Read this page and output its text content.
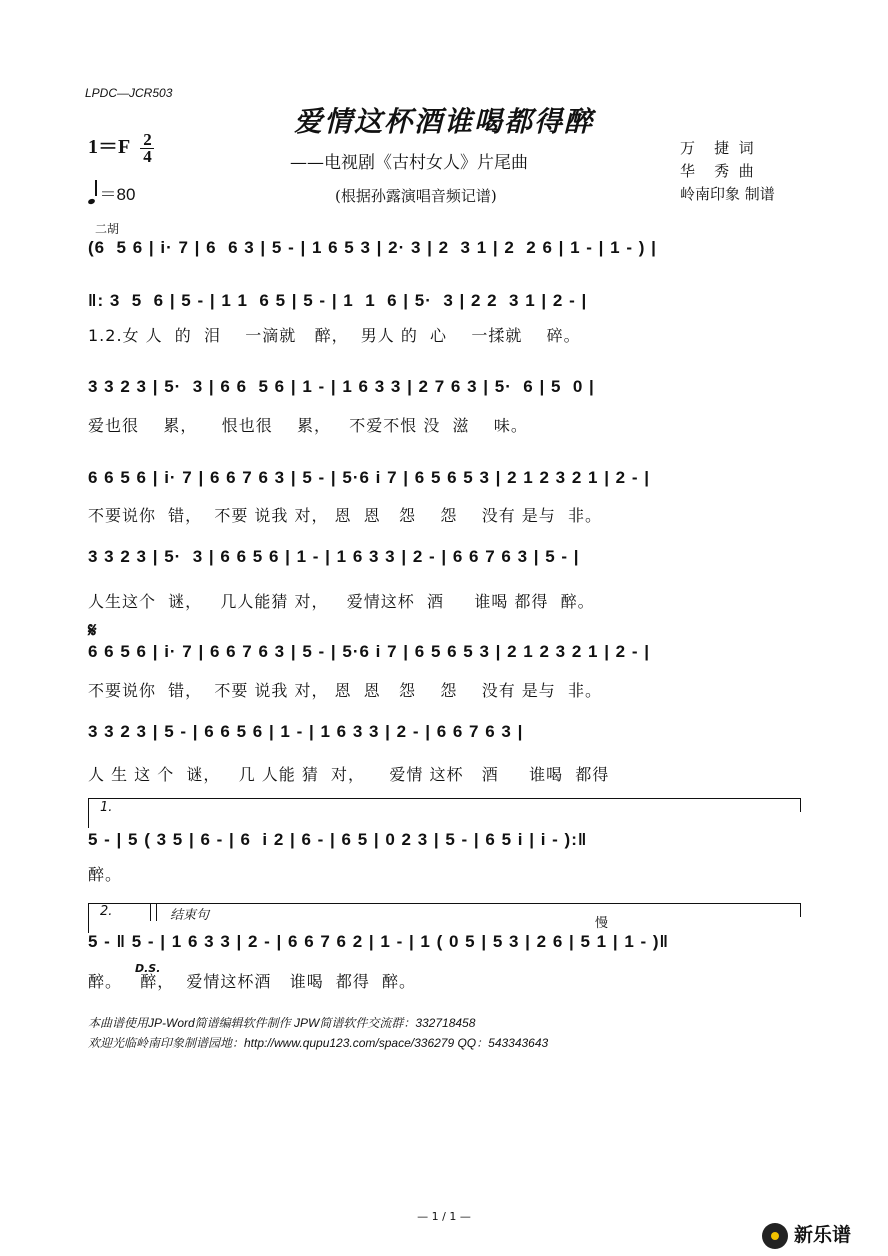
LPDC—JCR503
爱情这杯酒谁喝都得醉
——电视剧《古村女人》片尾曲
(根据孙露演唱音频记谱)
万    捷  词
华    秀  曲
岭南印象 制谱
$1=F \frac{2}{4}$
＝80
二胡
(6  5 6 | i· 7 | 6  6 3 | 5 - | 1 6 5 3 | 2· 3 | 2  3 1 | 2  2 6 | 1 - | 1 - ) |
‖: 3  5  6 | 5 - | 1 1  6 5 | 5 - | 1  1  6 | 5·  3 | 2 2  3 1 | 2 - |
1.2.女 人  的  泪    一滴就   醉，  男人 的  心    一揉就    碎。
3 3 2 3 | 5·  3 | 6 6  5 6 | 1 - | 1 6 3 3 | 2 7 6 3 | 5·  6 | 5  0 |
爱也很    累，    恨也很    累，   不爱不恨 没  滋    味。
6 6 5 6 | i· 7 | 6 6 7 6 3 | 5 - | 5·6 i 7 | 6 5 6 5 3 | 2 1 2 3 2 1 | 2 - |
不要说你  错，  不要 说我 对， 恩  恩   怨    怨    没有 是与  非。
3 3 2 3 | 5·  3 | 6 6 5 6 | 1 - | 1 6 3 3 | 2 - | 6 6 7 6 3 | 5 - |
人生这个  谜，   几人能猜 对，   爱情这杯  酒     谁喝 都得  醉。
𝄋
6 6 5 6 | i· 7 | 6 6 7 6 3 | 5 - | 5·6 i 7 | 6 5 6 5 3 | 2 1 2 3 2 1 | 2 - |
不要说你  错，  不要 说我 对， 恩  恩   怨    怨    没有 是与  非。
3 3 2 3 | 5 - | 6 6 5 6 | 1 - | 1 6 3 3 | 2 - | 6 6 7 6 3 |
人 生 这 个  谜，   几 人能 猜  对，    爱情 这杯   酒     谁喝  都得
1.
5 - | 5 ( 3 5 | 6 - | 6  i 2 | 6 - | 6 5 | 0 2 3 | 5 - | 6 5 i | i - ):‖
醉。
2.	结束句
慢
5 - ‖ 5 - | 1 6 3 3 | 2 - | 6 6 7 6 2 | 1 - | 1 ( 0 5 | 5 3 | 2 6 | 5 1 | 1 - )‖
D.S.
醉。   醉，  爱情这杯酒   谁喝  都得  醉。
本曲谱使用JP-Word简谱编辑软件制作 JPW简谱软件交流群：332718458
欢迎光临岭南印象制谱园地：http://www.qupu123.com/space/336279 QQ：543343643
— 1 / 1 —
新乐谱
